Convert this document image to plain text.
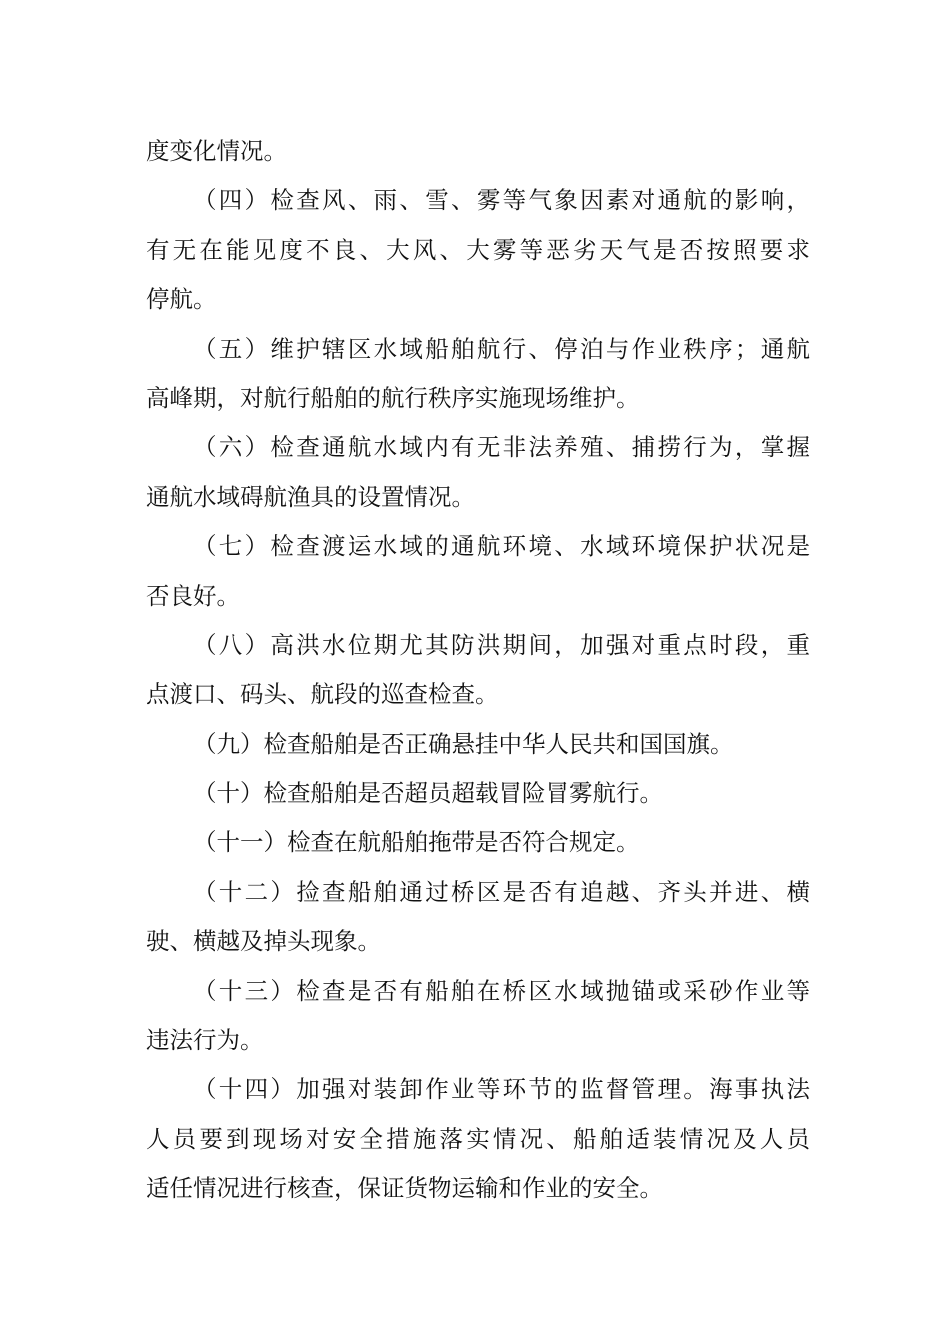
度变化情况。
（四）检查风、雨、雪、雾等气象因素对通航的影响，
有无在能见度不良、大风、大雾等恶劣天气是否按照要求
停航。
（五）维护辖区水域船舶航行、停泊与作业秩序；通航
高峰期，对航行船舶的航行秩序实施现场维护。
（六）检查通航水域内有无非法养殖、捕捞行为，掌握
通航水域碍航渔具的设置情况。
（七）检查渡运水域的通航环境、水域环境保护状况是
否良好。
（八）高洪水位期尤其防洪期间，加强对重点时段，重
点渡口、码头、航段的巡查检查。
（九）检查船舶是否正确悬挂中华人民共和国国旗。
（十）检查船舶是否超员超载冒险冒雾航行。
（十一）检查在航船舶拖带是否符合规定。
（十二）捡查船舶通过桥区是否有追越、齐头并进、横
驶、横越及掉头现象。
（十三）检查是否有船舶在桥区水域抛锚或采砂作业等
违法行为。
（十四）加强对装卸作业等环节的监督管理。海事执法
人员要到现场对安全措施落实情况、船舶适装情况及人员
适任情况进行核查，保证货物运输和作业的安全。
